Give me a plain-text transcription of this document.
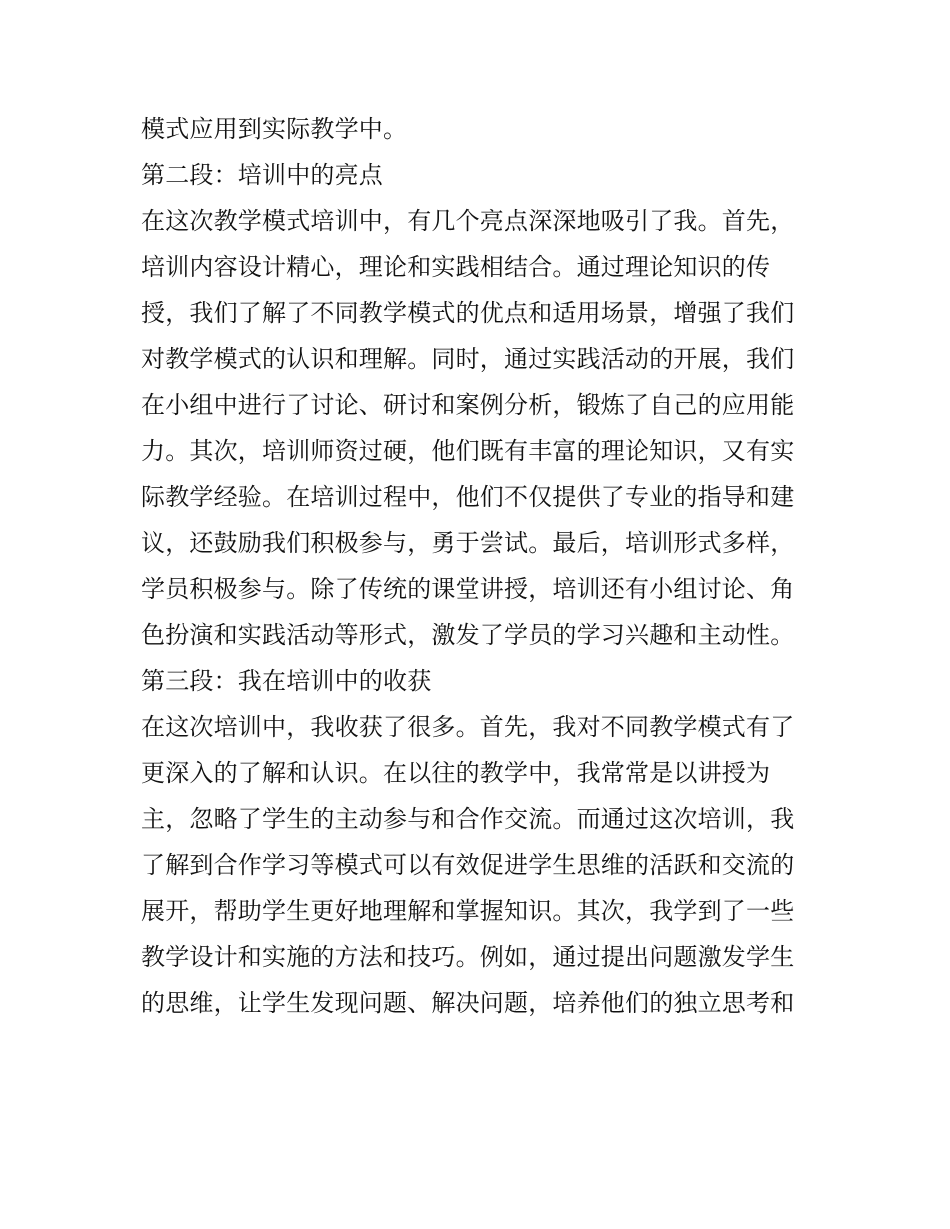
模式应用到实际教学中。
第二段：培训中的亮点
在这次教学模式培训中，有几个亮点深深地吸引了我。首先，
培训内容设计精心，理论和实践相结合。通过理论知识的传
授，我们了解了不同教学模式的优点和适用场景，增强了我们
对教学模式的认识和理解。同时，通过实践活动的开展，我们
在小组中进行了讨论、研讨和案例分析，锻炼了自己的应用能
力。其次，培训师资过硬，他们既有丰富的理论知识，又有实
际教学经验。在培训过程中，他们不仅提供了专业的指导和建
议，还鼓励我们积极参与，勇于尝试。最后，培训形式多样，
学员积极参与。除了传统的课堂讲授，培训还有小组讨论、角
色扮演和实践活动等形式，激发了学员的学习兴趣和主动性。
第三段：我在培训中的收获
在这次培训中，我收获了很多。首先，我对不同教学模式有了
更深入的了解和认识。在以往的教学中，我常常是以讲授为
主，忽略了学生的主动参与和合作交流。而通过这次培训，我
了解到合作学习等模式可以有效促进学生思维的活跃和交流的
展开，帮助学生更好地理解和掌握知识。其次，我学到了一些
教学设计和实施的方法和技巧。例如，通过提出问题激发学生
的思维，让学生发现问题、解决问题，培养他们的独立思考和
